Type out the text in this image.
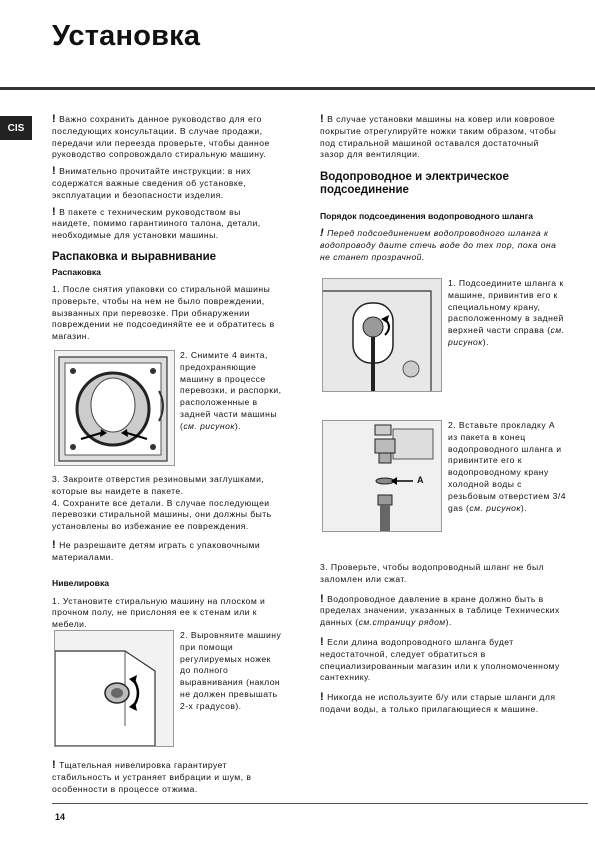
Установка
CIS

! Важно сохранить данное руководство для его последующих консультации. В случае продажи, передачи или переезда проверьте, чтобы данное руководство сопровождало стиральную машину.

! Внимательно прочитайте инструкции: в них содержатся важные сведения об установке, эксплуатации и безопасности изделия.

! В пакете с техническим руководством вы наидете, помимо гарантииного талона, детали, необходимые для установки машины.

Распаковка и выравнивание

Распаковка

1. После снятия упаковки со стиральной машины проверьте, чтобы на нем не было повреждении, вызванных при перевозке. При обнаружении повреждении не подсоединяйте ее и обратитесь в магазин.

2. Снимите 4 винта, предохраняющие машину в процессе перевозки, и распорки, расположенные в задней части машины (см. рисунок).

3. Закроите отверстия резиновыми заглушками, которые вы наидете в пакете.

4. Сохраните все детали. В случае последующеи перевозки стиральной машины, они должны быть установлены во избежание ее повреждения.

! Не разрешаите детям играть с упаковочными материалами.

Нивелировка

1. Установите стиральную машину на плоском и прочном полу, не прислоняя ее к стенам или к мебели.

2. Выровняите машину при помощи регулируемых ножек до полного выравнивания (наклон не должен превышать 2-х градусов).

! Тщательная нивелировка гарантирует стабильность и устраняет вибрации и шум, в особенности в процессе отжима.

! В случае установки машины на ковер или ковровое покрытие отрегулируйте ножки таким образом, чтобы под стиральной машиной оставался достаточный зазор для вентиляции.

Водопроводное и электрическое подсоединение

Порядок подсоединения водопроводного шланга

! Перед подсоединением водопроводного шланга к водопроводу даите стечь воде до тех пор, пока она не станет прозрачной.

1. Подсоедините шланга к машине, привинтив его к специальному крану, расположенному в задней верхней части справа (см. рисунок).

A

2. Вставьте прокладку А из пакета в конец водопроводного шланга и привинтите его к водопроводному крану холодной воды с резьбовым отверстием 3/4 gas (см. рисунок).

3. Проверьте, чтобы водопроводный шланг не был заломлен или сжат.

! Водопроводное давление в кране должно быть в пределах значении, указанных в таблице Технических данных (см.страницу рядом).

! Если длина водопроводного шланга будет недостаточной, следует обратиться в специализированныи магазин или к уполномоченному сантехнику.

! Никогда не используите б/у или старые шланги для подачи воды, а только прилагающиеся к машине.

14
